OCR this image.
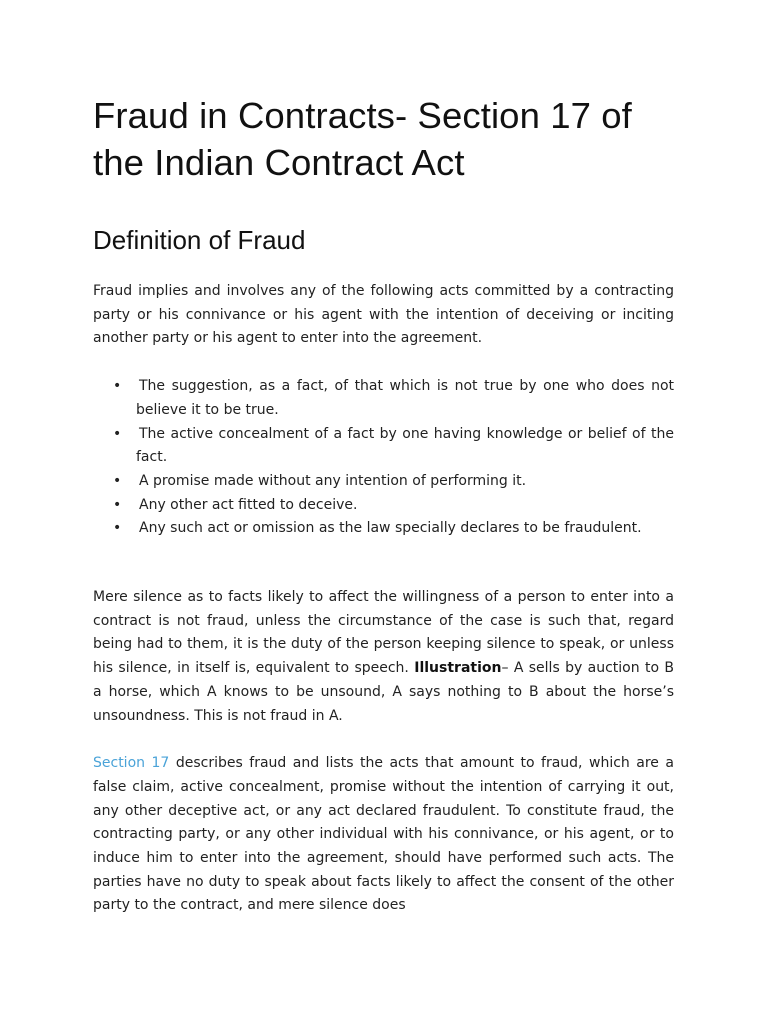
Fraud in Contracts- Section 17 of the Indian Contract Act
Definition of Fraud

Fraud implies and involves any of the following acts committed by a contracting party or his connivance or his agent with the intention of deceiving or inciting another party or his agent to enter into the agreement.

• The suggestion, as a fact, of that which is not true by one who does not believe it to be true.
• The active concealment of a fact by one having knowledge or belief of the fact.
• A promise made without any intention of performing it.
• Any other act fitted to deceive.
• Any such act or omission as the law specially declares to be fraudulent.

Mere silence as to facts likely to affect the willingness of a person to enter into a contract is not fraud, unless the circumstance of the case is such that, regard being had to them, it is the duty of the person keeping silence to speak, or unless his silence, in itself is, equivalent to speech. Illustration– A sells by auction to B a horse, which A knows to be unsound, A says nothing to B about the horse’s unsoundness. This is not fraud in A.

Section 17 describes fraud and lists the acts that amount to fraud, which are a false claim, active concealment, promise without the intention of carrying it out, any other deceptive act, or any act declared fraudulent. To constitute fraud, the contracting party, or any other individual with his connivance, or his agent, or to induce him to enter into the agreement, should have performed such acts. The parties have no duty to speak about facts likely to affect the consent of the other party to the contract, and mere silence does
